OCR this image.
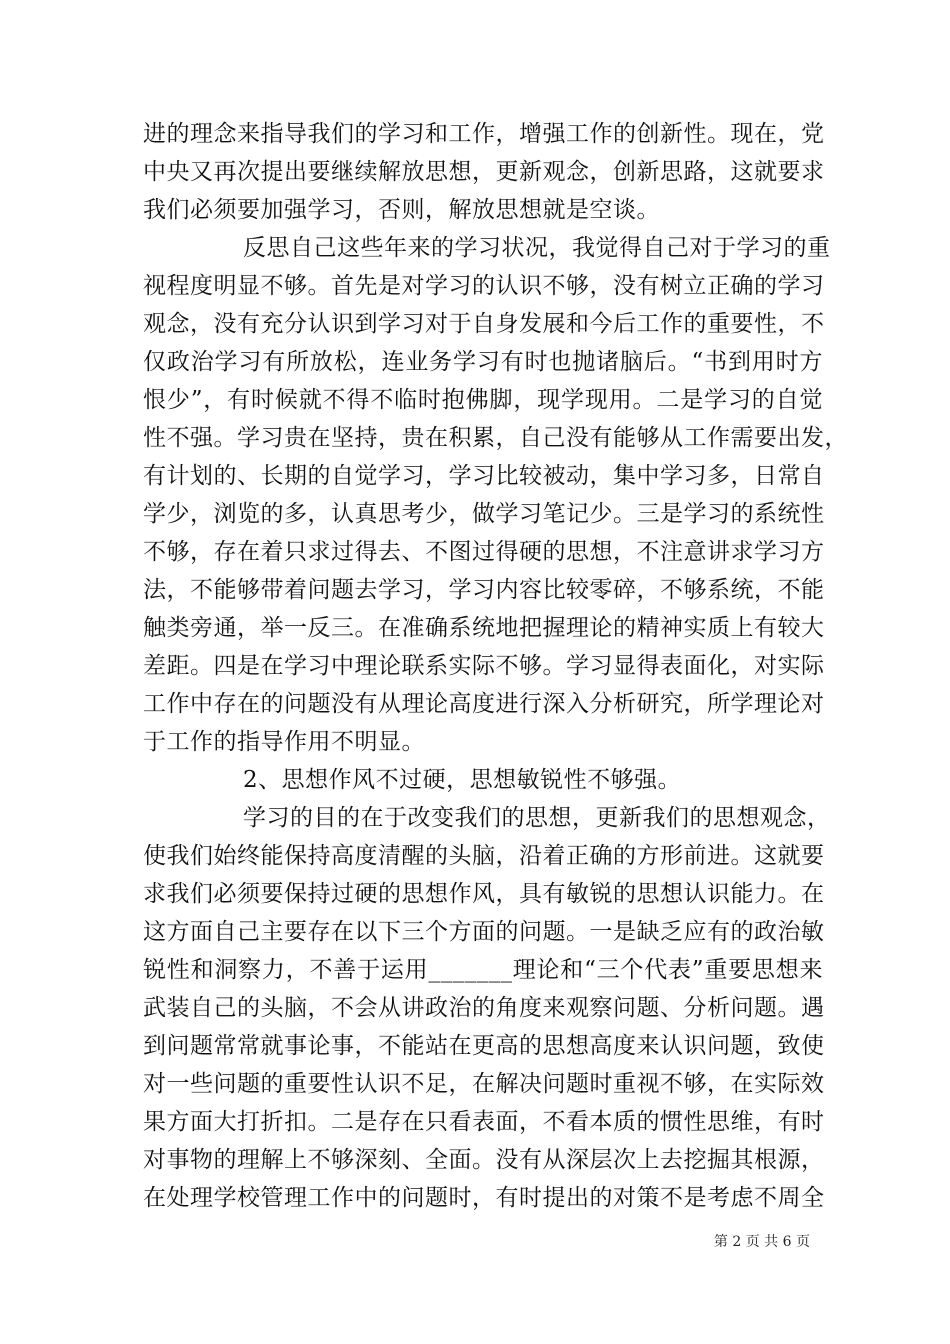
进的理念来指导我们的学习和工作，增强工作的创新性。现在，党
中央又再次提出要继续解放思想，更新观念，创新思路，这就要求
我们必须要加强学习，否则，解放思想就是空谈。
反思自己这些年来的学习状况，我觉得自己对于学习的重
视程度明显不够。首先是对学习的认识不够，没有树立正确的学习
观念，没有充分认识到学习对于自身发展和今后工作的重要性，不
仅政治学习有所放松，连业务学习有时也抛诸脑后。“书到用时方
恨少”，有时候就不得不临时抱佛脚，现学现用。二是学习的自觉
性不强。学习贵在坚持，贵在积累，自己没有能够从工作需要出发，
有计划的、长期的自觉学习，学习比较被动，集中学习多，日常自
学少，浏览的多，认真思考少，做学习笔记少。三是学习的系统性
不够，存在着只求过得去、不图过得硬的思想，不注意讲求学习方
法，不能够带着问题去学习，学习内容比较零碎，不够系统，不能
触类旁通，举一反三。在准确系统地把握理论的精神实质上有较大
差距。四是在学习中理论联系实际不够。学习显得表面化，对实际
工作中存在的问题没有从理论高度进行深入分析研究，所学理论对
于工作的指导作用不明显。
2、思想作风不过硬，思想敏锐性不够强。
学习的目的在于改变我们的思想，更新我们的思想观念，
使我们始终能保持高度清醒的头脑，沿着正确的方形前进。这就要
求我们必须要保持过硬的思想作风，具有敏锐的思想认识能力。在
这方面自己主要存在以下三个方面的问题。一是缺乏应有的政治敏
锐性和洞察力，不善于运用_______理论和“三个代表”重要思想来
武装自己的头脑，不会从讲政治的角度来观察问题、分析问题。遇
到问题常常就事论事，不能站在更高的思想高度来认识问题，致使
对一些问题的重要性认识不足，在解决问题时重视不够，在实际效
果方面大打折扣。二是存在只看表面，不看本质的惯性思维，有时
对事物的理解上不够深刻、全面。没有从深层次上去挖掘其根源，
在处理学校管理工作中的问题时，有时提出的对策不是考虑不周全
第 2 页 共 6 页
